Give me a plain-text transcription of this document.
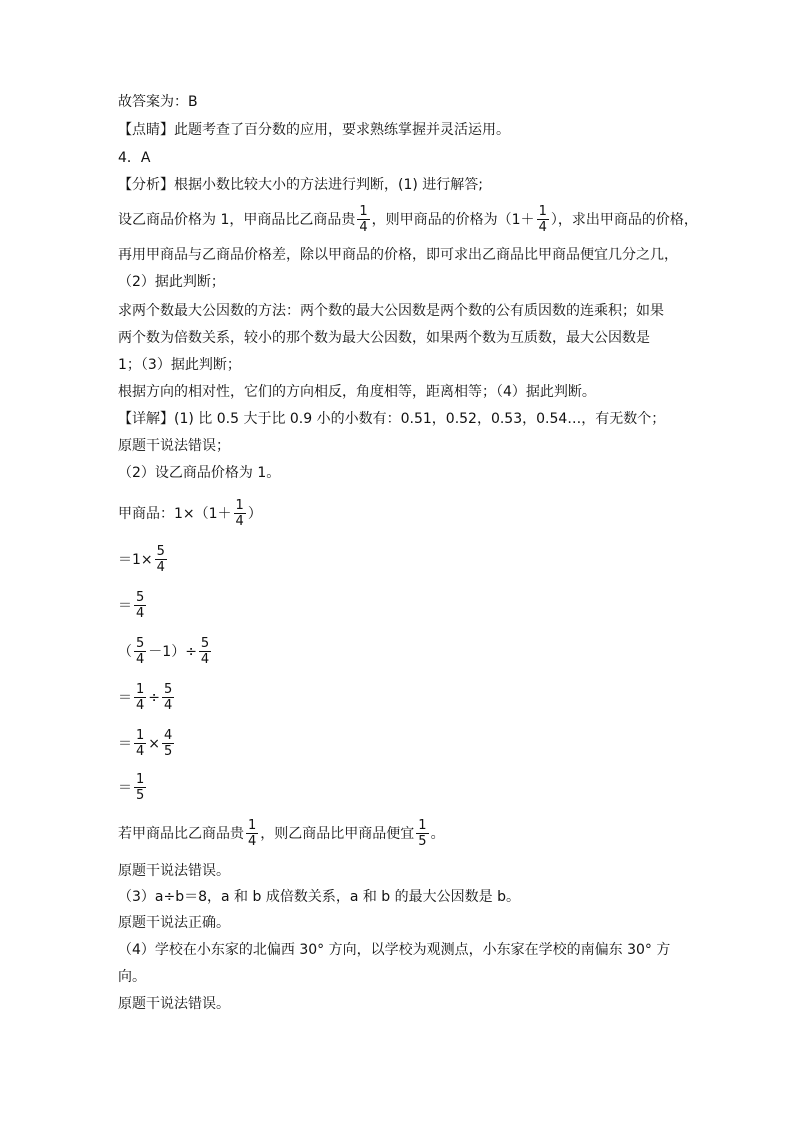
故答案为：B
【点睛】此题考查了百分数的应用，要求熟练掌握并灵活运用。
4．A
【分析】根据小数比较大小的方法进行判断，(1) 进行解答;
设乙商品价格为 1，甲商品比乙商品贵 $\frac{1}{4}$ ，则甲商品的价格为（$1+ \frac{1}{4}$ ），求出甲商品的价格，
再用甲商品与乙商品价格差，除以甲商品的价格，即可求出乙商品比甲商品便宜几分之几，
（2）据此判断；
求两个数最大公因数的方法：两个数的最大公因数是两个数的公有质因数的连乘积；如果
两个数为倍数关系，较小的那个数为最大公因数，如果两个数为互质数，最大公因数是
1；（3）据此判断；
根据方向的相对性，它们的方向相反，角度相等，距离相等；（4）据此判断。
【详解】(1) 比 0.5 大于比 0.9 小的小数有：0.51，0.52，0.53，0.54…，有无数个；
原题干说法错误；
（2）设乙商品价格为 1。
甲商品：$1\times(1+ \frac{1}{4}$ ）
$=1\times \frac{5}{4}$
＝ $\frac{5}{4}$
（ $\frac{5}{4} -1)\div \frac{5}{4}$
＝ $\frac{1}{4} \div \frac{5}{4}$
＝ $\frac{1}{4} \times \frac{4}{5}$
＝ $\frac{1}{5}$
若甲商品比乙商品贵 $\frac{1}{4}$ ，则乙商品比甲商品便宜 $\frac{1}{5}$ 。
原题干说法错误。
（3）a÷b＝8，a 和 b 成倍数关系，a 和 b 的最大公因数是 b。
原题干说法正确。
（4）学校在小东家的北偏西 30° 方向，以学校为观测点，小东家在学校的南偏东 30° 方
向。
原题干说法错误。
